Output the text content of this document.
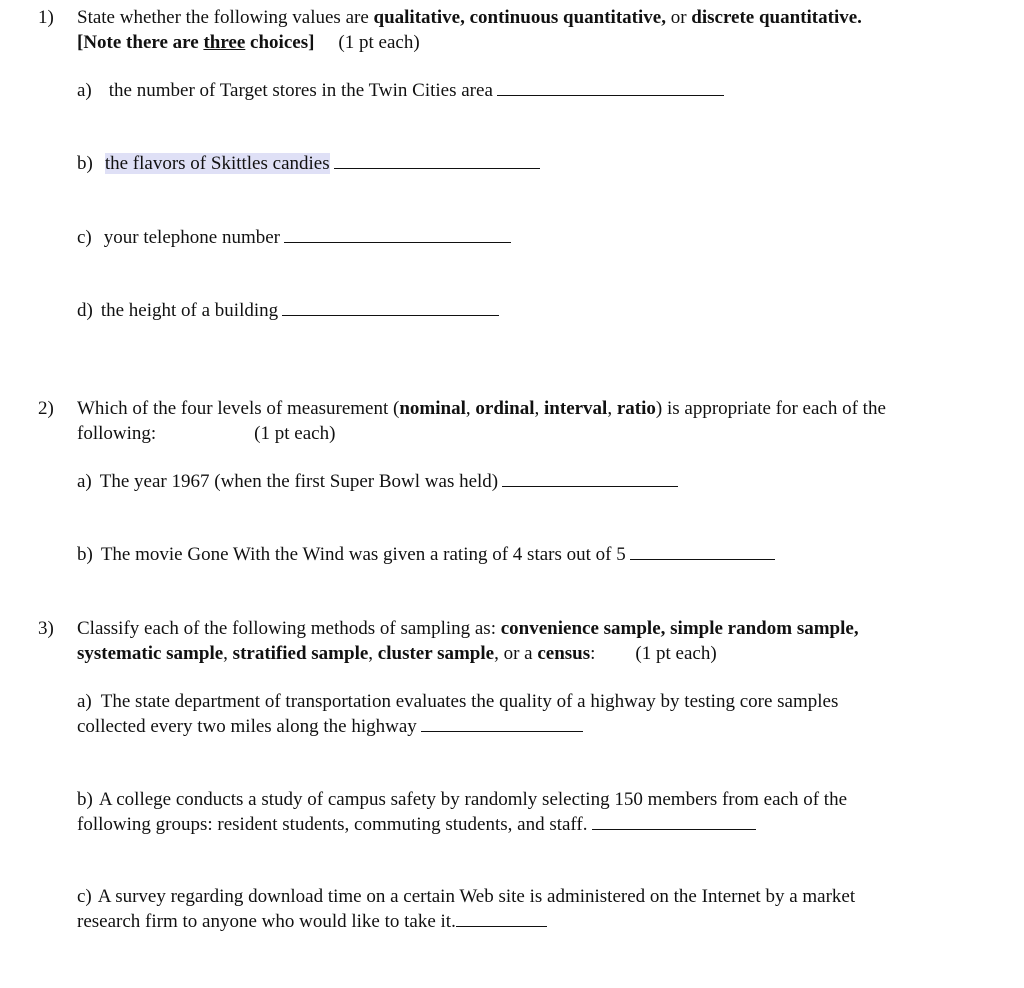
1) State whether the following values are qualitative, continuous quantitative, or discrete quantitative.
[Note there are three choices] (1 pt each)
a) the number of Target stores in the Twin Cities area
b) the flavors of Skittles candies
c) your telephone number
d) the height of a building
2) Which of the four levels of measurement (nominal, ordinal, interval, ratio) is appropriate for each of the
following:	(1 pt each)
a) The year 1967 (when the first Super Bowl was held)
b) The movie Gone With the Wind was given a rating of 4 stars out of 5
3) Classify each of the following methods of sampling as: convenience sample, simple random sample,
systematic sample, stratified sample, cluster sample, or a census: (1 pt each)
a) The state department of transportation evaluates the quality of a highway by testing core samples
collected every two miles along the highway
b) A college conducts a study of campus safety by randomly selecting 150 members from each of the
following groups: resident students, commuting students, and staff.
c) A survey regarding download time on a certain Web site is administered on the Internet by a market
research firm to anyone who would like to take it.
